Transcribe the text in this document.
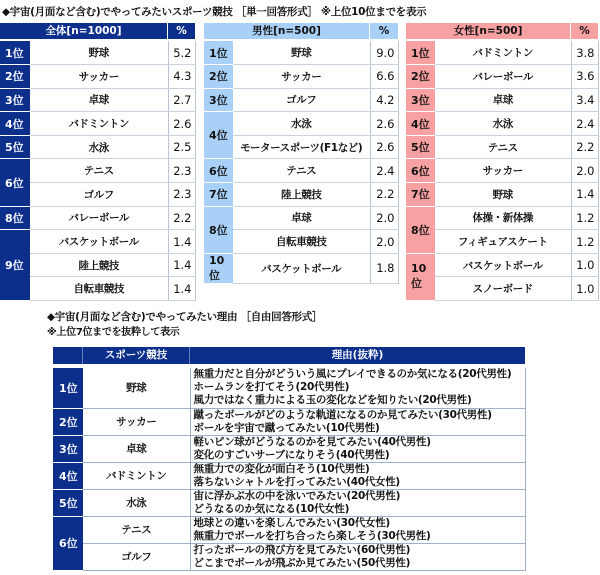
◆宇宙(月面など含む)でやってみたいスポーツ競技 ［単一回答形式］ ※上位10位までを表示
全体[n=1000]	%	男性[n=500]	%	女性[n=500]	%
1位	野球	5.2
2位	サッカー	4.3
3位	卓球	2.7
4位	バドミントン	2.6
5位	水泳	2.5
6位	テニス	2.3
	ゴルフ	2.3
8位	バレーボール	2.2
9位	バスケットボール	1.4
	陸上競技	1.4
	自転車競技	1.4
1位	野球	9.0
2位	サッカー	6.6
3位	ゴルフ	4.2
4位	水泳	2.6
	モータースポーツ(F1など)	2.6
6位	テニス	2.4
7位	陸上競技	2.2
8位	卓球	2.0
	自転車競技	2.0
10位	バスケットボール	1.8
1位	バドミントン	3.8
2位	バレーボール	3.6
3位	卓球	3.4
4位	水泳	2.4
5位	テニス	2.2
6位	サッカー	2.0
7位	野球	1.4
8位	体操・新体操	1.2
	フィギュアスケート	1.2
10位	バスケットボール	1.0
	スノーボード	1.0
◆宇宙(月面など含む)でやってみたい理由 ［自由回答形式］
※上位7位までを抜粋して表示
スポーツ競技	理由(抜粋)
1位	野球	無重力だと自分がどういう風にプレイできるのか気になる(20代男性)
ホームランを打てそう(20代男性)
風力ではなく重力による玉の変化などを知りたい(20代男性)

2位	サッカー	蹴ったボールがどのような軌道になるのか見てみたい(30代男性)
ボールを宇宙で蹴ってみたい(10代男性)

3位	卓球	軽いピン球がどうなるのかを見てみたい(40代男性)
変化のすごいサーブになりそう(40代男性)

4位	バドミントン	無重力での変化が面白そう(10代男性)
落ちないシャトルを打ってみたい(40代女性)

5位	水泳	宙に浮かぶ水の中を泳いでみたい(20代男性)
どうなるのか気になる(10代女性)

6位	テニス	地球との違いを楽しんでみたい(30代女性)
無重力でボールを打ち合ったら楽しそう(30代男性)

	ゴルフ	打ったボールの飛び方を見てみたい(60代男性)
どこまでボールが飛ぶか見てみたい(50代男性)
